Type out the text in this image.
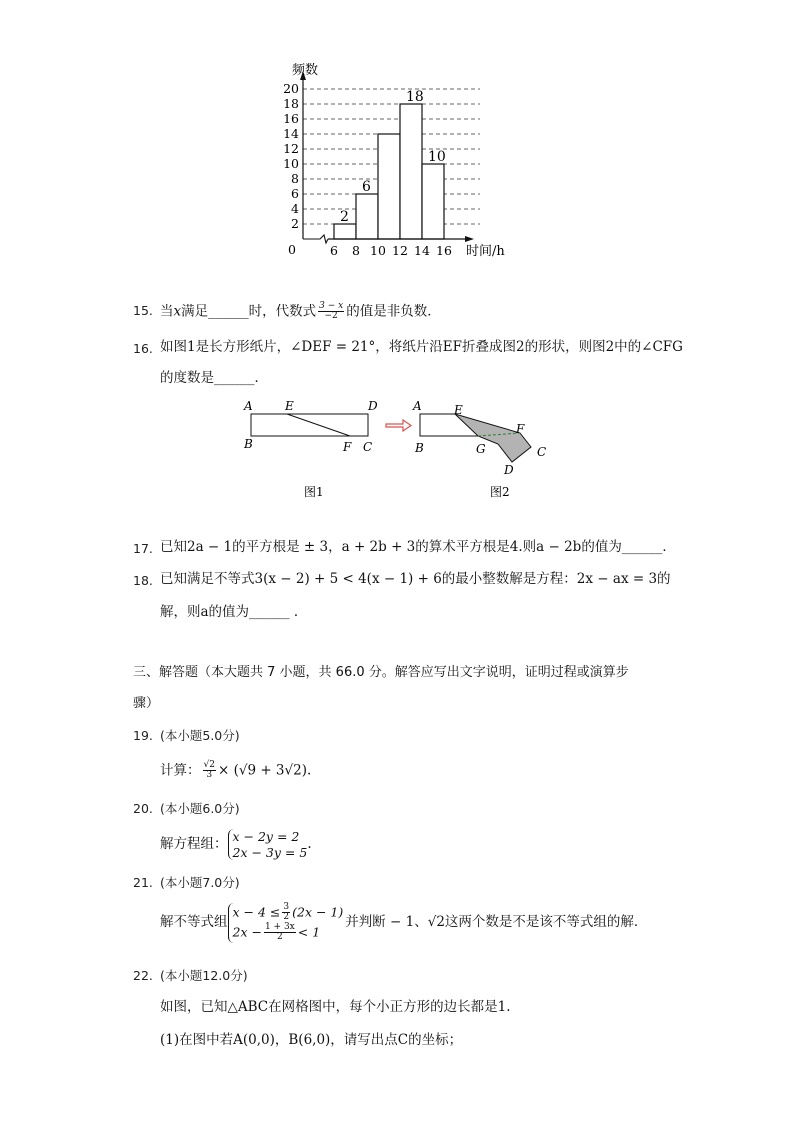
频数
时间/h
0
20
18
16
14
12
10
8
6
4
2
6 8 10 12 14 16
2
6
18
10
15. 当x满足______时，代数式 $\frac{3 - x}{-2}$ 的值是非负数．
16. 如图1是长方形纸片，∠DEF = 21°，将纸片沿EF折叠成图2的形状，则图2中的∠CFG
的度数是______．
A	E	D
B	F C
图1
A	E
F
B	G	C
D
图2
17. 已知2a − 1的平方根是 ± 3，a + 2b + 3的算术平方根是4.则a − 2b的值为______．
18. 已知满足不等式3(x − 2) + 5 < 4(x − 1) + 6的最小整数解是方程：2x − ax = 3的
解，则a的值为______ ．
三、解答题（本大题共 7 小题，共 66.0 分。解答应写出文字说明，证明过程或演算步
骤）
19. (本小题5.0分)
计算： $\frac{√2}{3} \times (√9 + 3√2)$.
20. (本小题6.0分)
解方程组： x − 2y = 2
2x − 3y = 5
.
21. (本小题7.0分)
解不等式组
$x - 4 \le \frac{3}{2} (2x - 1)$
$2x - \frac{1 + 3x}{2} < 1$
并判断 − 1、√2这两个数是不是该不等式组的解．
22. (本小题12.0分)
如图，已知△ABC在网格图中，每个小正方形的边长都是1.
(1)在图中若A(0,0)，B(6,0)，请写出点C的坐标；
